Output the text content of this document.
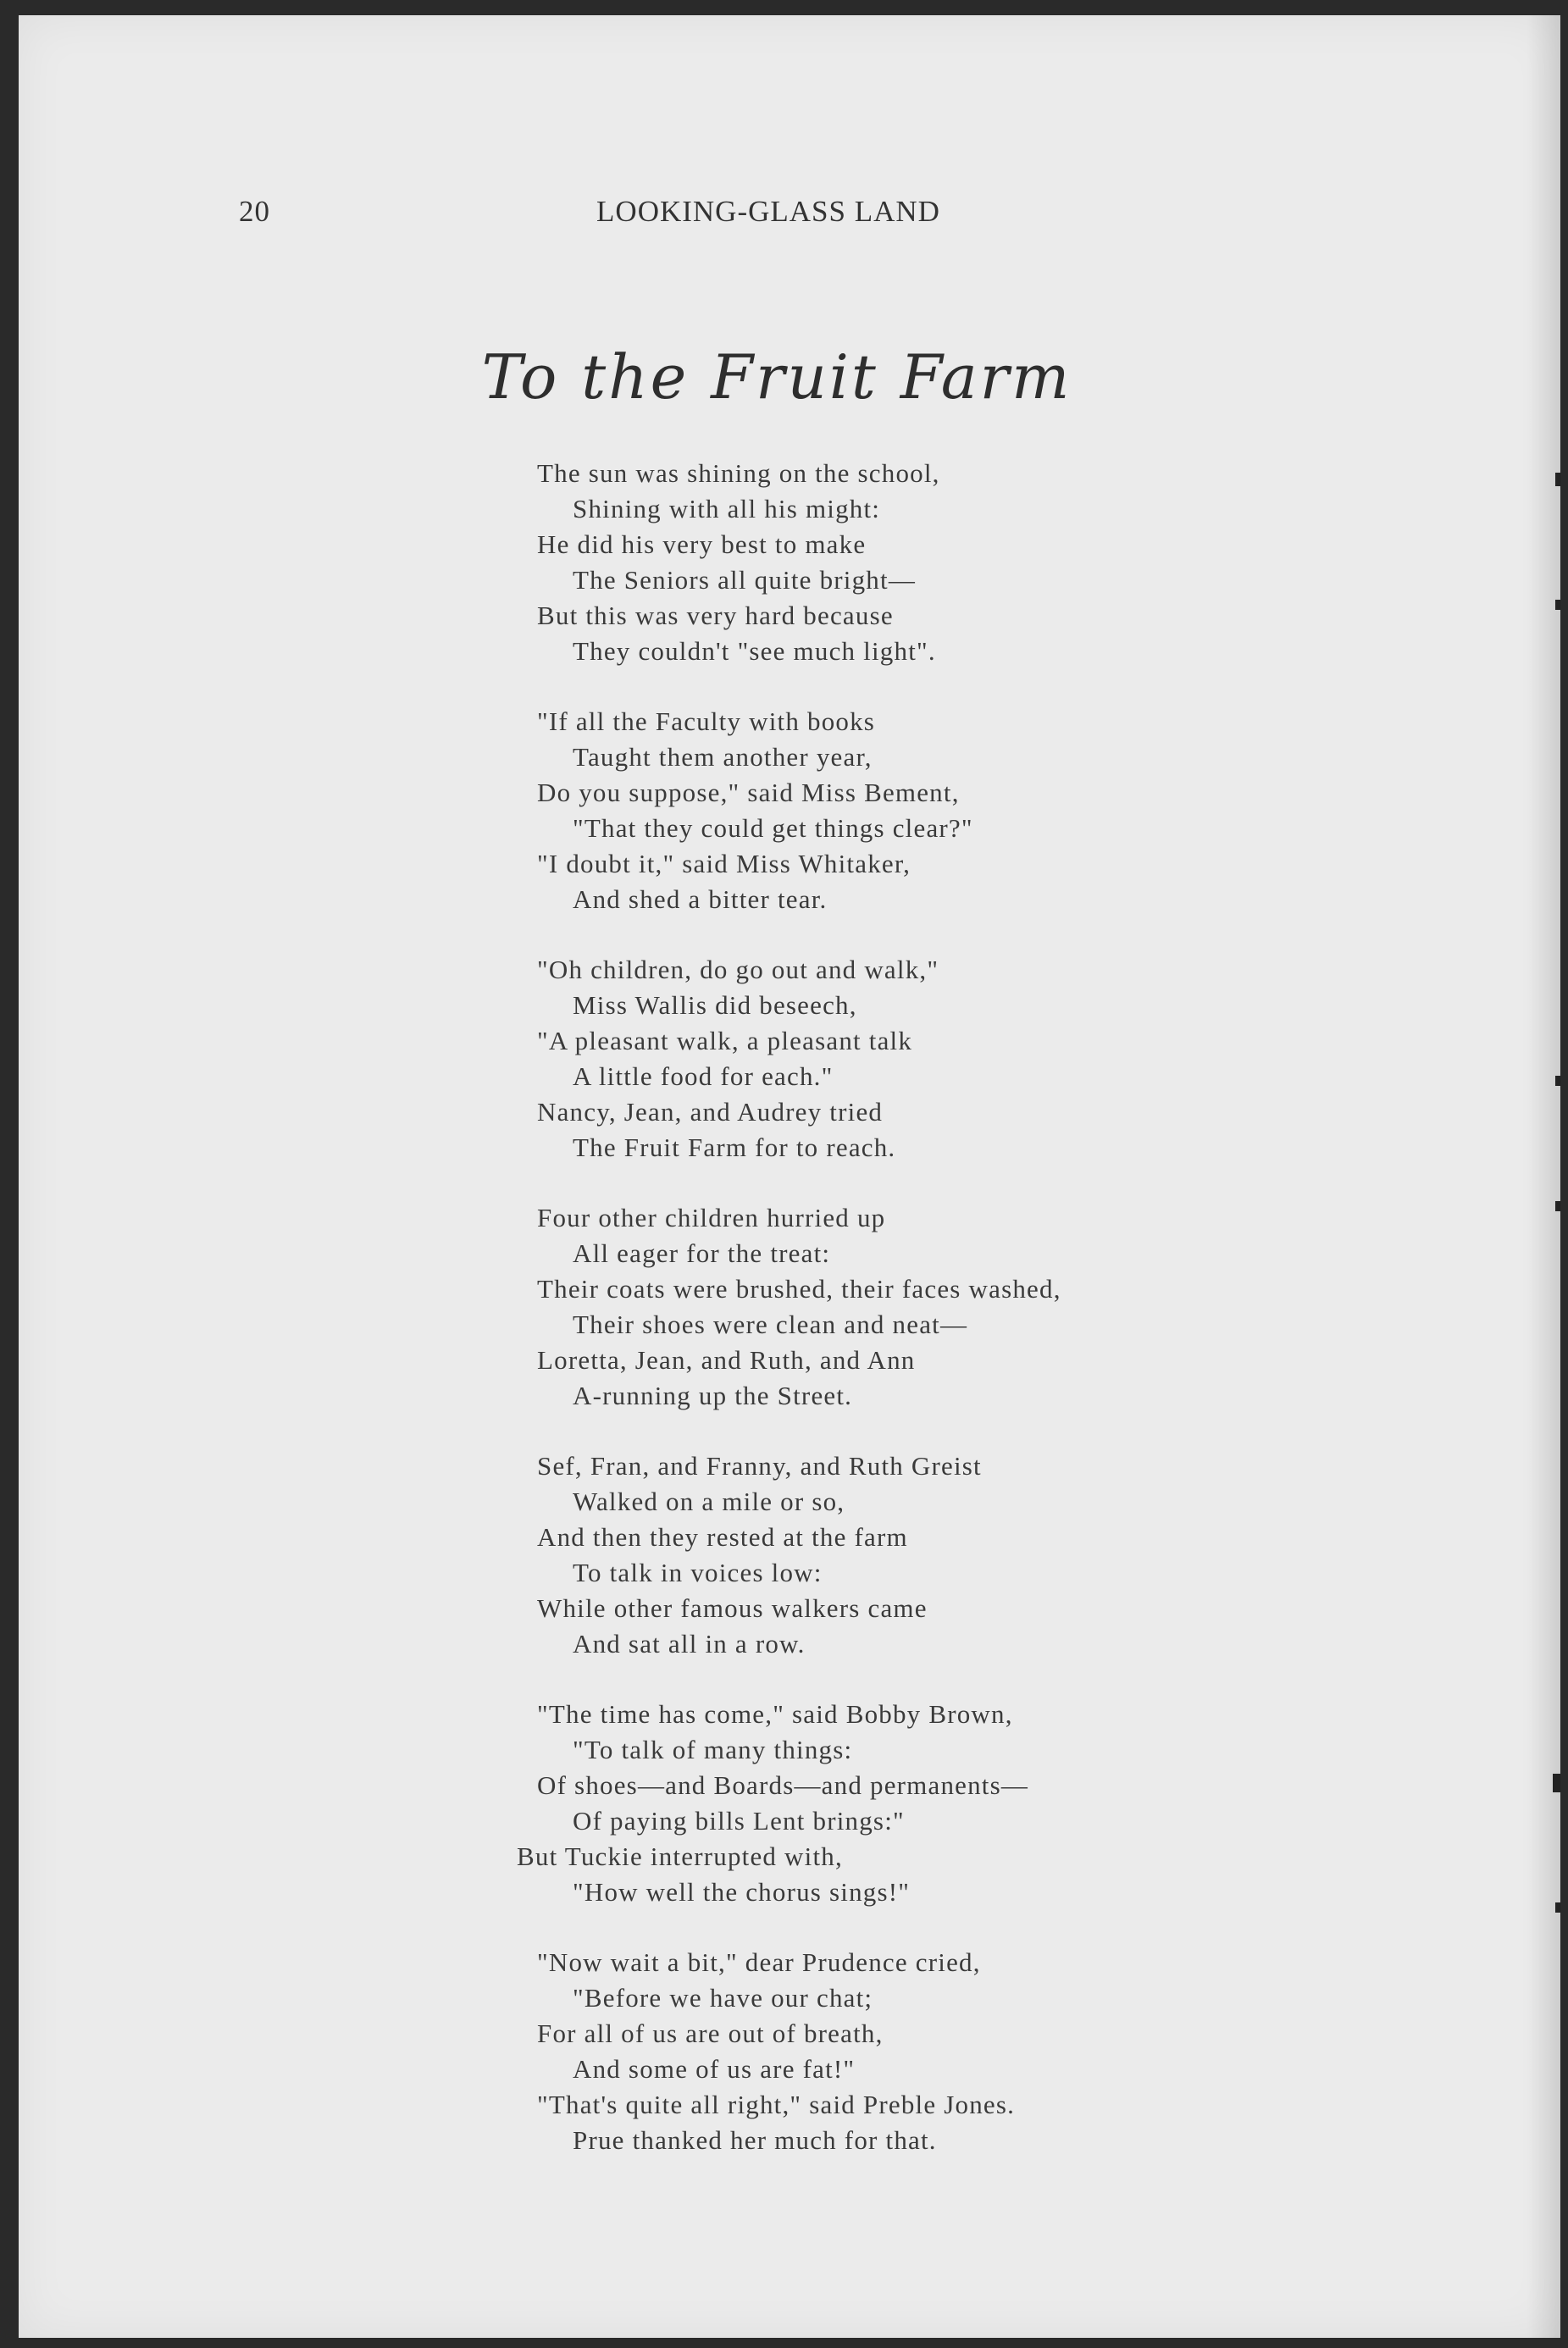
20	LOOKING-GLASS LAND
To the Fruit Farm
The sun was shining on the school,
Shining with all his might:
He did his very best to make
The Seniors all quite bright—
But this was very hard because
They couldn't "see much light".
"If all the Faculty with books
Taught them another year,
Do you suppose," said Miss Bement,
"That they could get things clear?"
"I doubt it," said Miss Whitaker,
And shed a bitter tear.
"Oh children, do go out and walk,"
Miss Wallis did beseech,
"A pleasant walk, a pleasant talk
A little food for each."
Nancy, Jean, and Audrey tried
The Fruit Farm for to reach.
Four other children hurried up
All eager for the treat:
Their coats were brushed, their faces washed,
Their shoes were clean and neat—
Loretta, Jean, and Ruth, and Ann
A-running up the Street.
Sef, Fran, and Franny, and Ruth Greist
Walked on a mile or so,
And then they rested at the farm
To talk in voices low:
While other famous walkers came
And sat all in a row.
"The time has come," said Bobby Brown,
"To talk of many things:
Of shoes—and Boards—and permanents—
Of paying bills Lent brings:"
But Tuckie interrupted with,
"How well the chorus sings!"
"Now wait a bit," dear Prudence cried,
"Before we have our chat;
For all of us are out of breath,
And some of us are fat!"
"That's quite all right," said Preble Jones.
Prue thanked her much for that.
